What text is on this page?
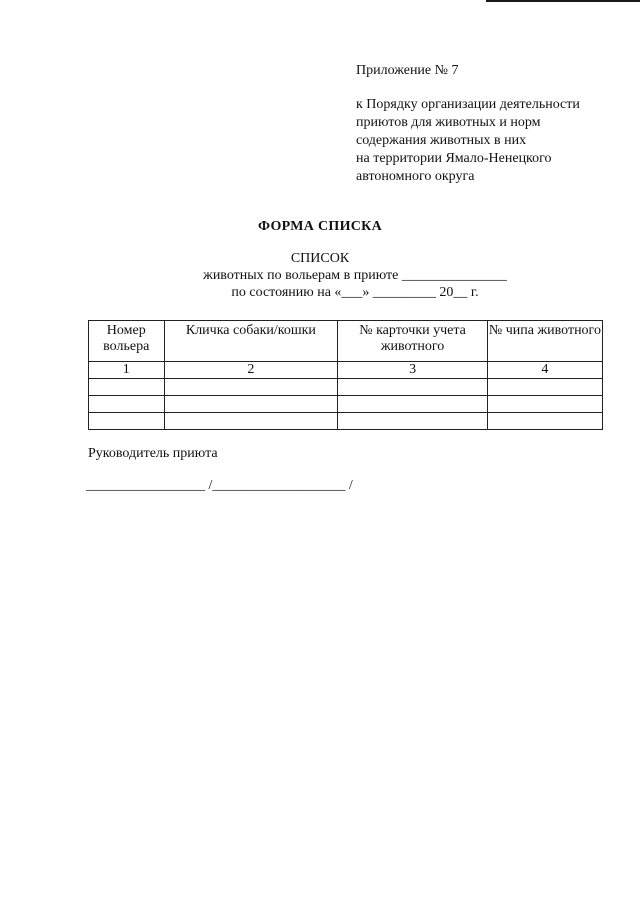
Приложение № 7
к Порядку организации деятельности
приютов для животных и норм
содержания животных в них
на территории Ямало-Ненецкого
автономного округа
ФОРМА СПИСКА
СПИСОК
животных по вольерам в приюте _______________
по состоянию на «___» _________ 20__ г.
Номер вольера	Кличка собаки/кошки	№ карточки учета животного	№ чипа животного
1	2	3	4

Руководитель приюта
_________________ /___________________ /
